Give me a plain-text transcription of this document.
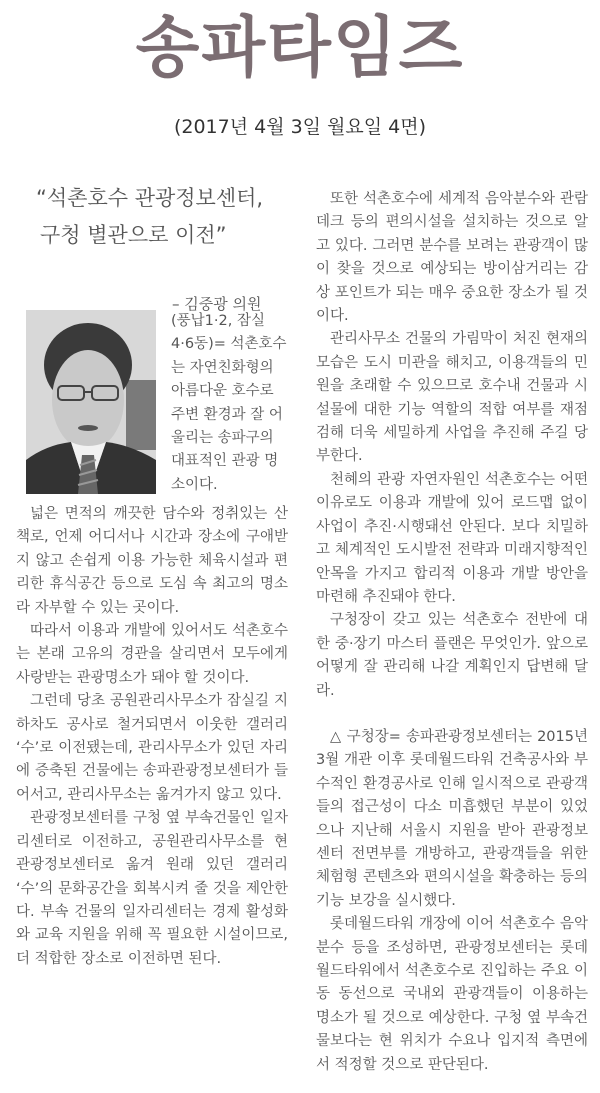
송파타임즈
(2017년 4월 3일 월요일 4면)
“석촌호수 관광정보센터,
구청 별관으로 이전”
– 김중광 의원
(풍납1·2, 잠실 4·6동)= 석촌호수는 자연친화형의 아름다운 호수로 주변 환경과 잘 어울리는 송파구의 대표적인 관광 명소이다.

넓은 면적의 깨끗한 담수와 정취있는 산책로, 언제 어디서나 시간과 장소에 구애받지 않고 손쉽게 이용 가능한 체육시설과 편리한 휴식공간 등으로 도심 속 최고의 명소라 자부할 수 있는 곳이다.

따라서 이용과 개발에 있어서도 석촌호수는 본래 고유의 경관을 살리면서 모두에게 사랑받는 관광명소가 돼야 할 것이다.

그런데 당초 공원관리사무소가 잠실길 지하차도 공사로 철거되면서 이웃한 갤러리 ‘수’로 이전됐는데, 관리사무소가 있던 자리에 증축된 건물에는 송파관광정보센터가 들어서고, 관리사무소는 옮겨가지 않고 있다.

관광정보센터를 구청 옆 부속건물인 일자리센터로 이전하고, 공원관리사무소를 현 관광정보센터로 옮겨 원래 있던 갤러리 ‘수’의 문화공간을 회복시켜 줄 것을 제안한다. 부속 건물의 일자리센터는 경제 활성화와 교육 지원을 위해 꼭 필요한 시설이므로, 더 적합한 장소로 이전하면 된다.

또한 석촌호수에 세계적 음악분수와 관람데크 등의 편의시설을 설치하는 것으로 알고 있다. 그러면 분수를 보려는 관광객이 많이 찾을 것으로 예상되는 방이삼거리는 감상 포인트가 되는 매우 중요한 장소가 될 것이다.

관리사무소 건물의 가림막이 처진 현재의 모습은 도시 미관을 해치고, 이용객들의 민원을 초래할 수 있으므로 호수내 건물과 시설물에 대한 기능 역할의 적합 여부를 재점검해 더욱 세밀하게 사업을 추진해 주길 당부한다.

천혜의 관광 자연자원인 석촌호수는 어떤 이유로도 이용과 개발에 있어 로드맵 없이 사업이 추진·시행돼선 안된다. 보다 치밀하고 체계적인 도시발전 전략과 미래지향적인 안목을 가지고 합리적 이용과 개발 방안을 마련해 추진돼야 한다.

구청장이 갖고 있는 석촌호수 전반에 대한 중·장기 마스터 플랜은 무엇인가. 앞으로 어떻게 잘 관리해 나갈 계획인지 답변해 달라.

△ 구청장= 송파관광정보센터는 2015년 3월 개관 이후 롯데월드타워 건축공사와 부수적인 환경공사로 인해 일시적으로 관광객들의 접근성이 다소 미흡했던 부분이 있었으나 지난해 서울시 지원을 받아 관광정보센터 전면부를 개방하고, 관광객들을 위한 체험형 콘텐츠와 편의시설을 확충하는 등의 기능 보강을 실시했다.

롯데월드타워 개장에 이어 석촌호수 음악분수 등을 조성하면, 관광정보센터는 롯데월드타워에서 석촌호수로 진입하는 주요 이동 동선으로 국내외 관광객들이 이용하는 명소가 될 것으로 예상한다. 구청 옆 부속건물보다는 현 위치가 수요나 입지적 측면에서 적정할 것으로 판단된다.
